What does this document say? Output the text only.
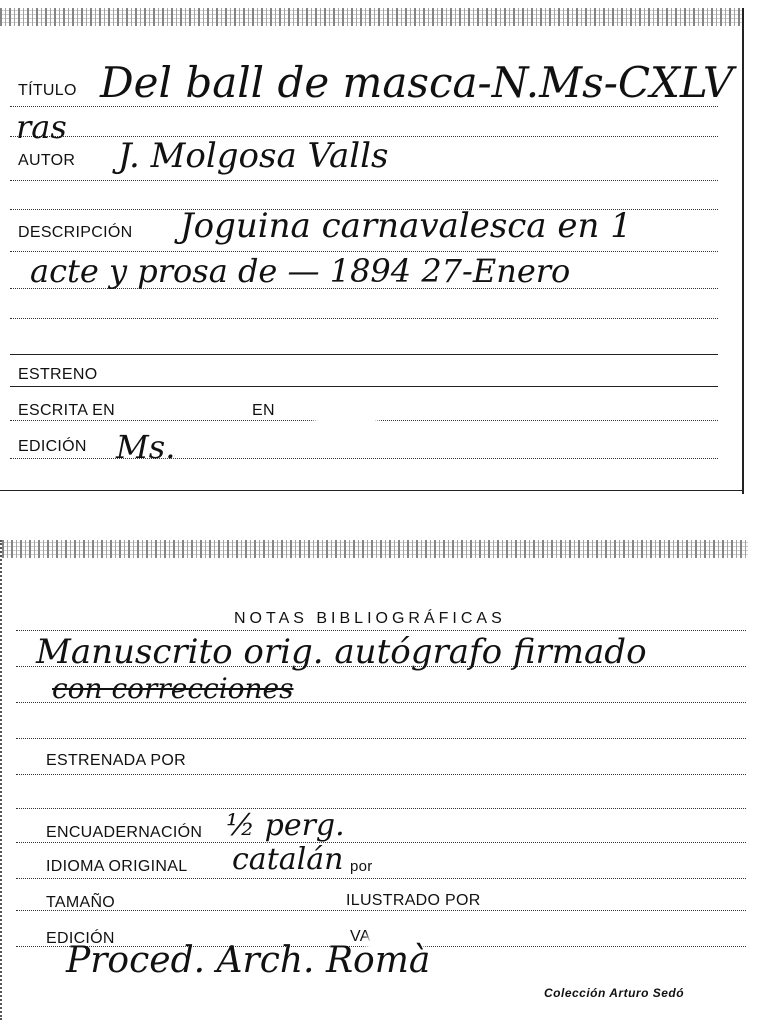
TÍTULO Del ball de masca-N.Ms-CXLV
ras
AUTOR J. Molgosa Valls
DESCRIPCIÓN Joguina carnavalesca en 1
acte y prosa de — 1894 27-Enero
ESTRENO
ESCRITA EN	EN
EDICIÓN Ms.
NOTAS BIBLIOGRÁFICAS
Manuscrito orig. autógrafo firmado
con correcciones
ESTRENADA POR
ENCUADERNACIÓN ½ perg.
IDIOMA ORIGINAL catalán por
TAMAÑO	ILUSTRADO POR
EDICIÓN	VA
Proced. Arch. Romà
Colección Arturo Sedó
